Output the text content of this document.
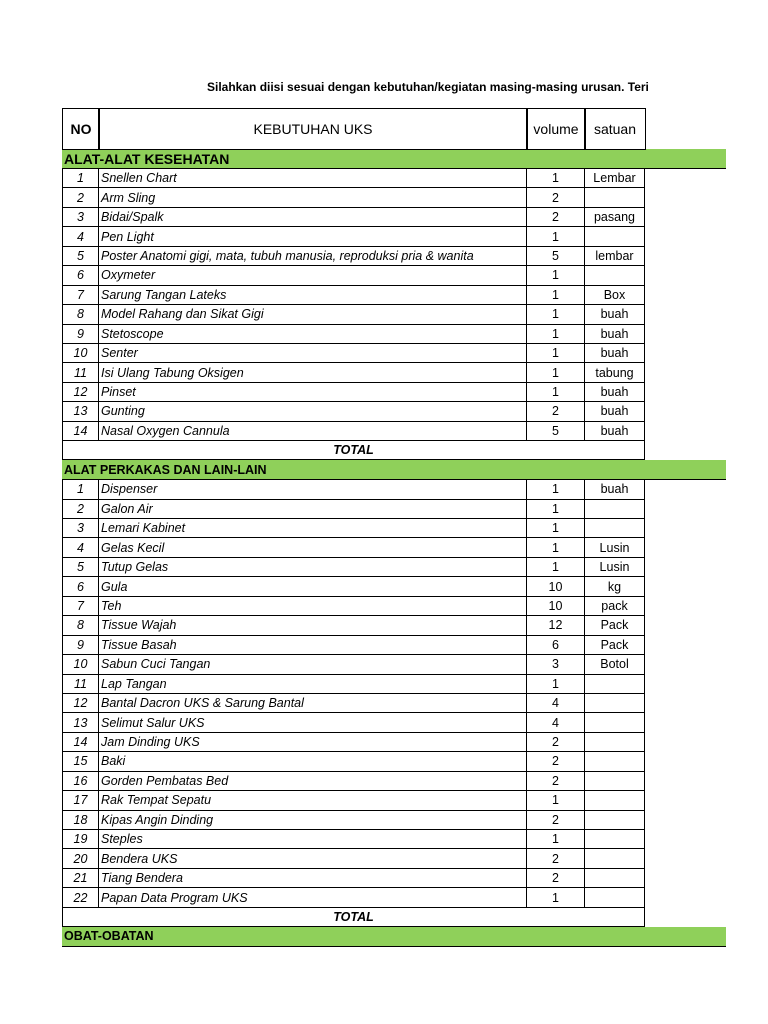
Silahkan diisi sesuai dengan kebutuhan/kegiatan masing-masing urusan. Teri
NO	KEBUTUHAN UKS	volume	satuan
ALAT-ALAT KESEHATAN
1	Snellen Chart	1	Lembar
2	Arm Sling	2
3	Bidai/Spalk	2	pasang
4	Pen Light	1
5	Poster Anatomi gigi, mata, tubuh manusia, reproduksi pria & wanita	5	lembar
6	Oxymeter	1
7	Sarung Tangan Lateks	1	Box
8	Model Rahang dan Sikat Gigi	1	buah
9	Stetoscope	1	buah
10	Senter	1	buah
11	Isi Ulang Tabung Oksigen	1	tabung
12	Pinset	1	buah
13	Gunting	2	buah
14	Nasal Oxygen Cannula	5	buah
TOTAL
ALAT PERKAKAS DAN LAIN-LAIN
1	Dispenser	1	buah
2	Galon Air	1
3	Lemari Kabinet	1
4	Gelas Kecil	1	Lusin
5	Tutup Gelas	1	Lusin
6	Gula	10	kg
7	Teh	10	pack
8	Tissue Wajah	12	Pack
9	Tissue Basah	6	Pack
10	Sabun Cuci Tangan	3	Botol
11	Lap Tangan	1
12	Bantal Dacron UKS & Sarung Bantal	4
13	Selimut Salur UKS	4
14	Jam Dinding UKS	2
15	Baki	2
16	Gorden Pembatas Bed	2
17	Rak Tempat Sepatu	1
18	Kipas Angin Dinding	2
19	Steples	1
20	Bendera UKS	2
21	Tiang Bendera	2
22	Papan Data Program UKS	1
TOTAL
OBAT-OBATAN
